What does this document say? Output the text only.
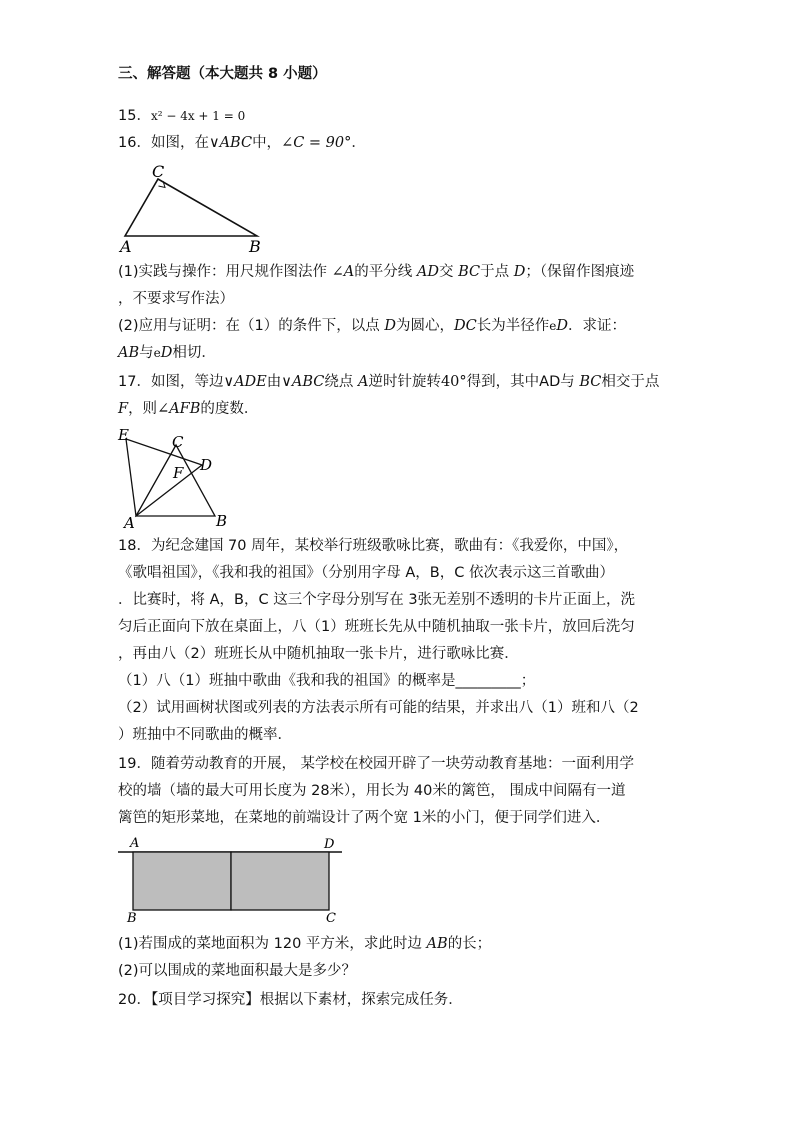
三、解答题（本大题共 8 小题）
15．x² − 4x + 1 = 0
16．如图，在∨ABC中，∠C = 90°．
C
A	B
(1)实践与操作：用尺规作图法作 ∠A的平分线 AD交 BC于点 D；（保留作图痕迹
，不要求写作法）
(2)应用与证明：在（1）的条件下，以点 D为圆心，DC长为半径作eD．求证：
AB与eD相切．
17．如图，等边∨ADE由∨ABC绕点 A逆时针旋转40°得到，其中AD与 BC相交于点
F，则∠AFB的度数．
E	C
D
F
A	B
18．为纪念建国 70 周年，某校举行班级歌咏比赛，歌曲有：《我爱你，中国》，
《歌唱祖国》，《我和我的祖国》（分别用字母 A，B，C 依次表示这三首歌曲）
．比赛时，将 A，B，C 这三个字母分别写在 3张无差别不透明的卡片正面上，洗
匀后正面向下放在桌面上，八（1）班班长先从中随机抽取一张卡片，放回后洗匀
，再由八（2）班班长从中随机抽取一张卡片，进行歌咏比赛．
（1）八（1）班抽中歌曲《我和我的祖国》的概率是_________；
（2）试用画树状图或列表的方法表示所有可能的结果，并求出八（1）班和八（2
）班抽中不同歌曲的概率．
19．随着劳动教育的开展， 某学校在校园开辟了一块劳动教育基地：一面利用学
校的墙（墙的最大可用长度为 28米），用长为 40米的篱笆， 围成中间隔有一道
篱笆的矩形菜地，在菜地的前端设计了两个宽 1米的小门，便于同学们进入．
A	D
B	C
(1)若围成的菜地面积为 120 平方米，求此时边 AB的长；
(2)可以围成的菜地面积最大是多少？
20．【项目学习探究】根据以下素材，探索完成任务．
